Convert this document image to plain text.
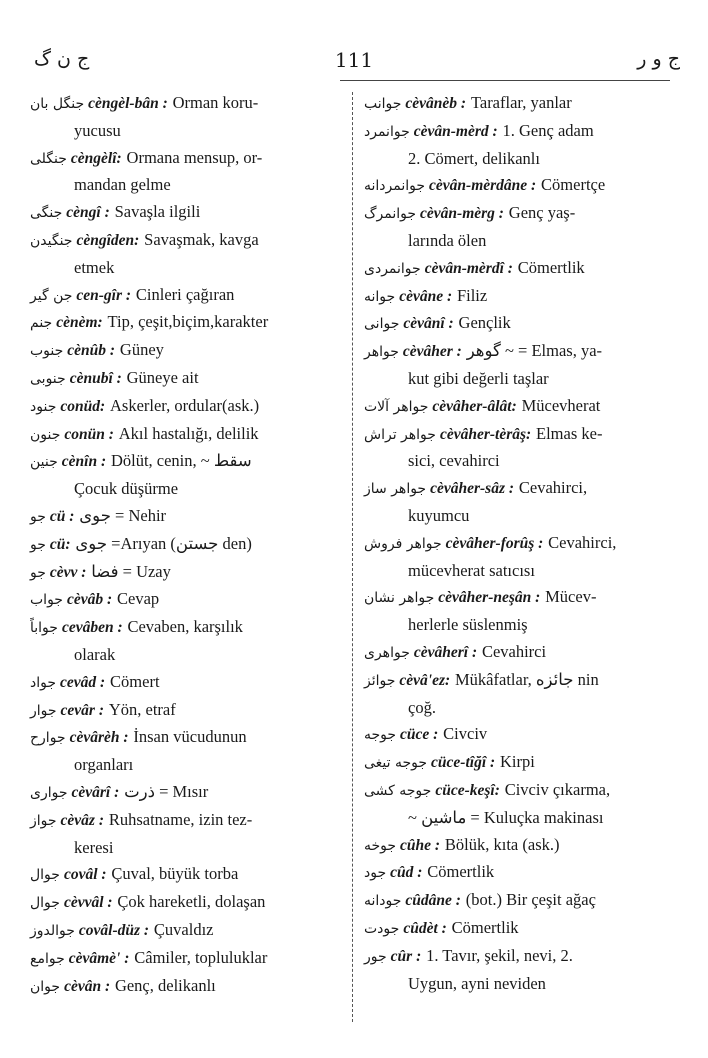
ج ن گ	111	ج و ر
جنگل بان cèngèl-bân : Orman koru-
yucusu
جنگلی cèngèlî: Ormana mensup, or-
mandan gelme
جنگی cèngî : Savaşla ilgili
جنگیدن cèngîden: Savaşmak, kavga
etmek
جن گیر cen-gîr : Cinleri çağıran
جنم cènèm: Tip, çeşit,biçim,karakter
جنوب cènûb : Güney
جنوبی cènubî : Güneye ait
جنود conüd: Askerler, ordular(ask.)
جنون conün : Akıl hastalığı, delilik
جنین cènîn : Dölüt, cenin, ~ سقط
Çocuk düşürme
جو cü : جوی = Nehir
جو cü: جوی =Arıyan (جستن den)
جو cèvv : فضا = Uzay
جواب cèvâb : Cevap
جواباً cevâben : Cevaben, karşılık
olarak
جواد cevâd : Cömert
جوار cevâr : Yön, etraf
جوارح cèvârèh : İnsan vücudunun
organları
جواری cèvârî : ذرت = Mısır
جواز cèvâz : Ruhsatname, izin tez-
keresi
جوال covâl : Çuval, büyük torba
جوال cèvvâl : Çok hareketli, dolaşan
جوالدوز covâl-düz : Çuvaldız
جوامع cèvâmè' : Câmiler, topluluklar
جوان cèvân : Genç, delikanlı
جوانب cèvânèb : Taraflar, yanlar
جوانمرد cèvân-mèrd : 1. Genç adam
2. Cömert, delikanlı
جوانمردانه cèvân-mèrdâne : Cömertçe
جوانمرگ cèvân-mèrg : Genç yaş-
larında ölen
جوانمردی cèvân-mèrdî : Cömertlik
جوانه cèvâne : Filiz
جوانی cèvânî : Gençlik
جواهر cèvâher : گوهر ~ = Elmas, ya-
kut gibi değerli taşlar
جواهر آلات cèvâher-âlât: Mücevherat
جواهر تراش cèvâher-tèrâş: Elmas ke-
sici, cevahirci
جواهر ساز cèvâher-sâz : Cevahirci,
kuyumcu
جواهر فروش cèvâher-forûş : Cevahirci,
mücevherat satıcısı
جواهر نشان cèvâher-neşân : Mücev-
herlerle süslenmiş
جواهری cèvâherî : Cevahirci
جوائز cèvâ'ez: Mükâfatlar, جائزه nin
çoğ.
جوجه cüce : Civciv
جوجه تیغی cüce-tîğî : Kirpi
جوجه کشی cüce-keşî: Civciv çıkarma,
~ ماشین = Kuluçka makinası
جوخه cûhe : Bölük, kıta (ask.)
جود cûd : Cömertlik
جودانه cûdâne : (bot.) Bir çeşit ağaç
جودت cûdèt : Cömertlik
جور cûr : 1. Tavır, şekil, nevi, 2.
Uygun, ayni neviden
